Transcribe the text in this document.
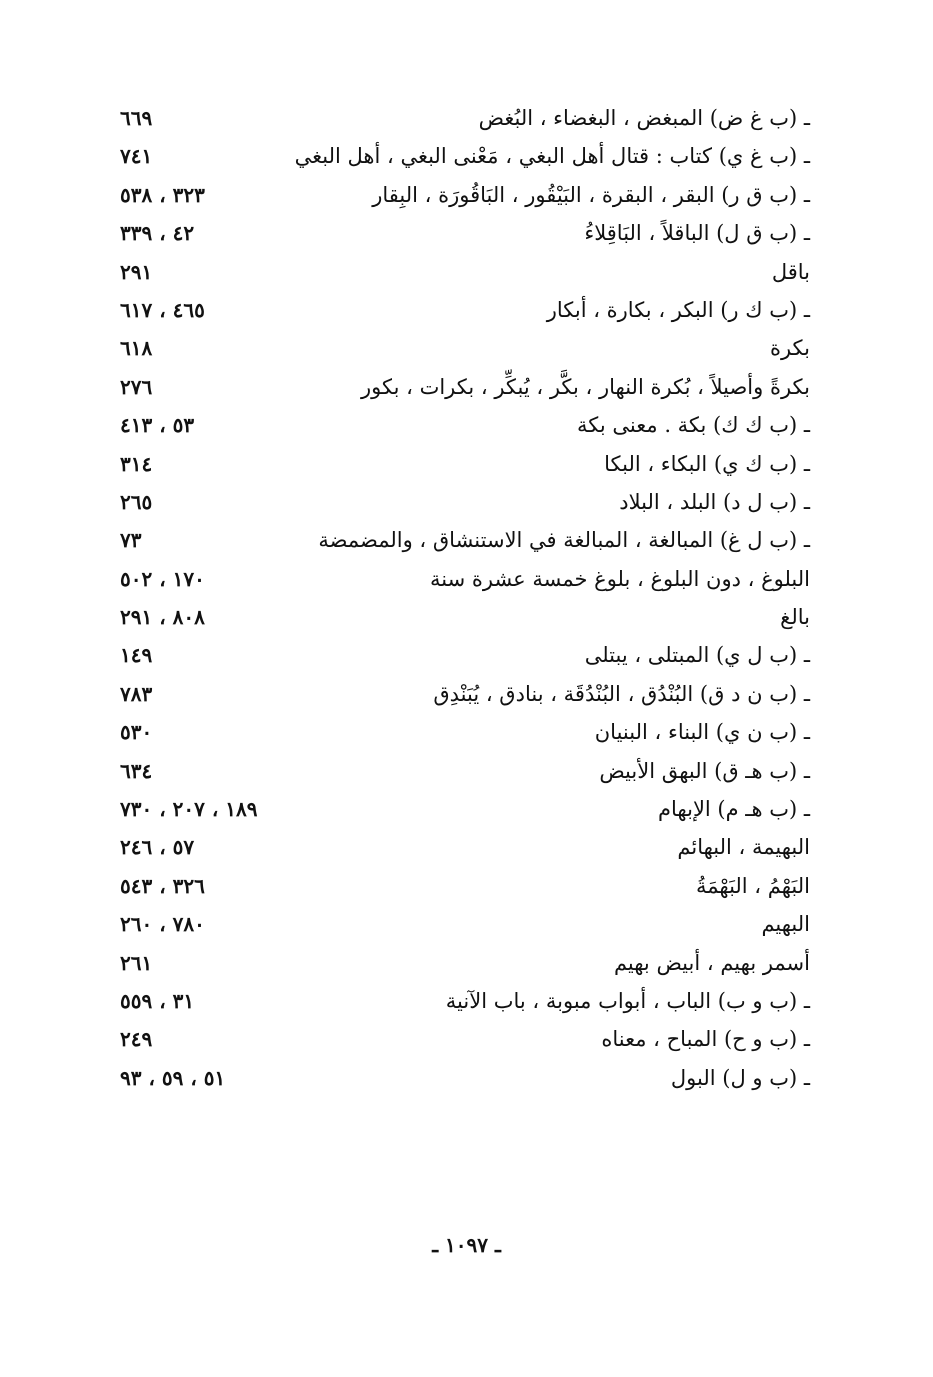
ـ (ب غ ض) المبغض ، البغضاء ، البُغض
٦٦٩
ـ (ب غ ي) كتاب : قتال أهل البغي ، مَعْنى البغي ، أهل البغي
٧٤١
ـ (ب ق ر) البقر ، البقرة ، البَيْقُور ، البَاقُورَة ، البِقار
٣٢٣ ، ٥٣٨
ـ (ب ق ل) الباقلاً ، البَاقِلاءُ
٤٢ ، ٣٣٩
باقل
٢٩١
ـ (ب ك ر) البكر ، بكارة ، أبكار
٤٦٥ ، ٦١٧
بكرة
٦١٨
بكرةً وأصيلاً ، بُكرة النهار ، بكَّر ، يُبكِّر ، بكرات ، بكور
٢٧٦
ـ (ب ك ك) بكة . معنى بكة
٥٣ ، ٤١٣
ـ (ب ك ي) البكاء ، البكا
٣١٤
ـ (ب ل د) البلد ، البلاد
٢٦٥
ـ (ب ل غ) المبالغة ، المبالغة في الاستنشاق ، والمضمضة
٧٣
البلوغ ، دون البلوغ ، بلوغ خمسة عشرة سنة
١٧٠ ، ٥٠٢
بالغ
٨٠٨ ، ٢٩١
ـ (ب ل ي) المبتلى ، يبتلى
١٤٩
ـ (ب ن د ق) البُنْدُق ، البُنْدُقَة ، بنادق ، يُبَنْدِق
٧٨٣
ـ (ب ن ي) البناء ، البنيان
٥٣٠
ـ (ب هـ ق) البهق الأبيض
٦٣٤
ـ (ب هـ م) الإبهام
١٨٩ ، ٢٠٧ ، ٧٣٠
البهيمة ، البهائم
٥٧ ، ٢٤٦
البَهْمُ ، البَهْمَةُ
٣٢٦ ، ٥٤٣
البهيم
٧٨٠ ، ٢٦٠
أسمر بهيم ، أبيض بهيم
٢٦١
ـ (ب و ب) الباب ، أبواب مبوبة ، باب الآنية
٣١ ، ٥٥٩
ـ (ب و ح) المباح ، معناه
٢٤٩
ـ (ب و ل) البول
٥١ ، ٥٩ ، ٩٣
ـ ١٠٩٧ ـ
